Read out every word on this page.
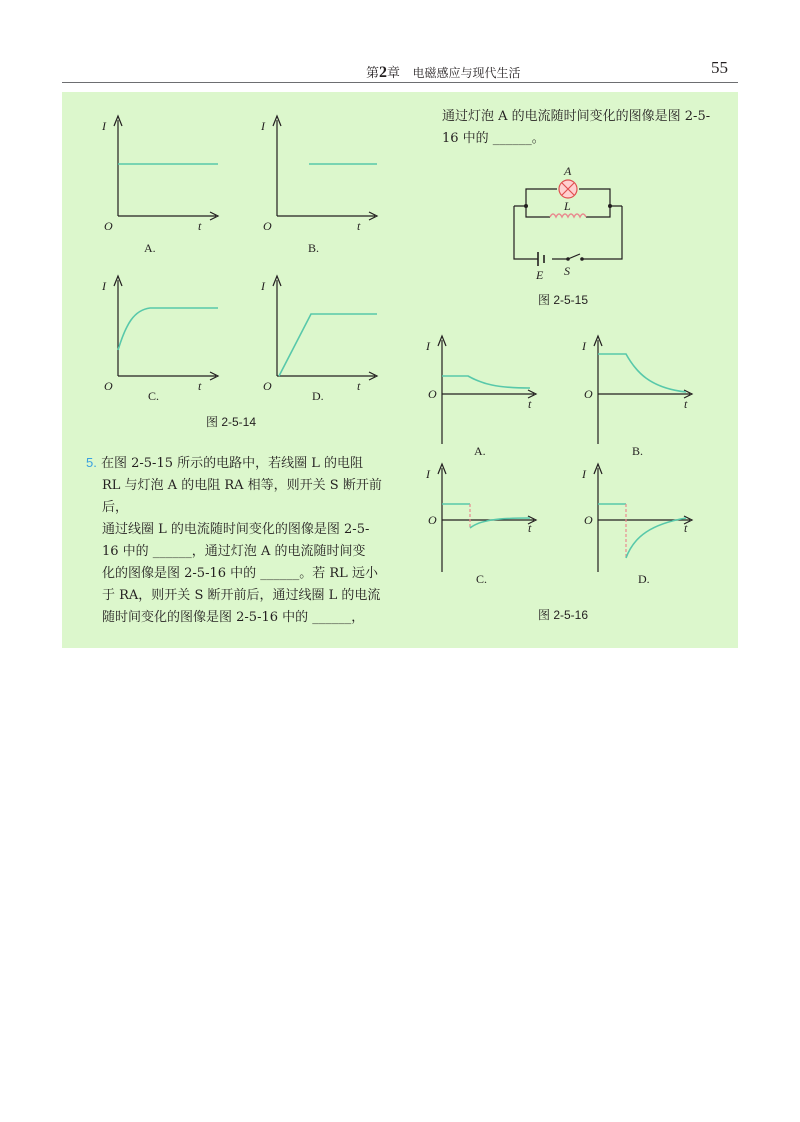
第2章 电磁感应与现代生活	55
I
O	t
A.
I
O	t
B.
I
O	t
C.
I
O	t
D.
图 2-5-14
5. 在图 2-5-15 所示的电路中，若线圈 L 的电阻
RL 与灯泡 A 的电阻 RA 相等，则开关 S 断开前后，
通过线圈 L 的电流随时间变化的图像是图 2-5-
16 中的 ______，通过灯泡 A 的电流随时间变
化的图像是图 2-5-16 中的 ______。若 RL 远小
于 RA，则开关 S 断开前后，通过线圈 L 的电流
随时间变化的图像是图 2-5-16 中的 ______，
通过灯泡 A 的电流随时间变化的图像是图 2-5-
16 中的 ______。
A
L
E S
图 2-5-15
I
O
t
A.
I
O
t
B.
I
O
t
C.
I
O
t
D.
图 2-5-16
